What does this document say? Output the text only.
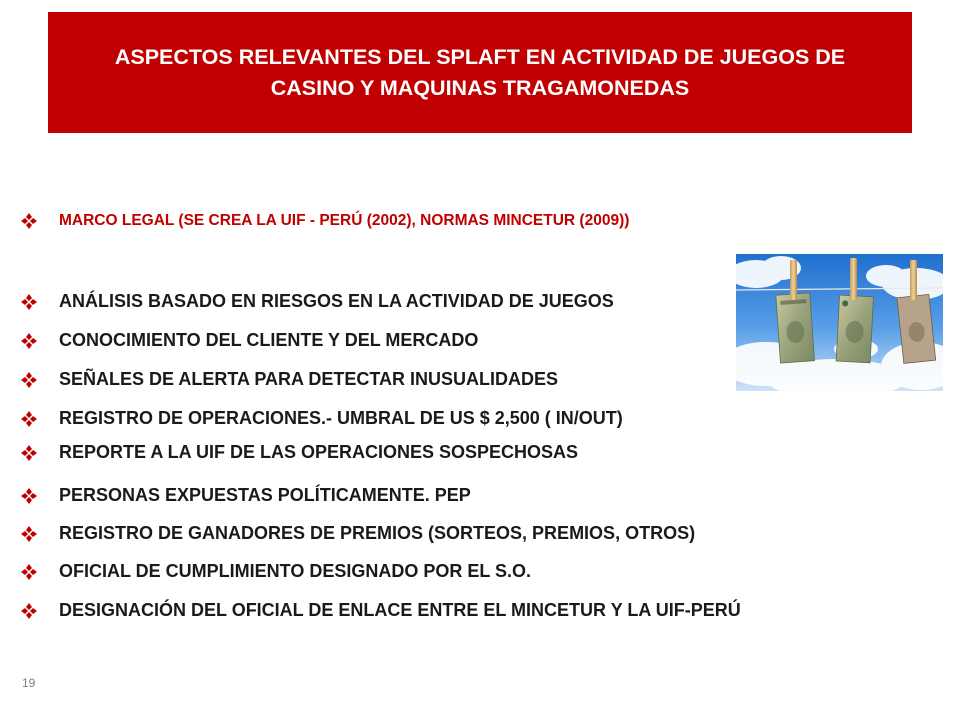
ASPECTOS RELEVANTES DEL SPLAFT EN ACTIVIDAD DE JUEGOS DE CASINO Y MAQUINAS TRAGAMONEDAS
MARCO LEGAL (SE CREA LA UIF - PERÚ (2002), NORMAS MINCETUR (2009))
ANÁLISIS BASADO EN RIESGOS EN LA ACTIVIDAD DE JUEGOS
CONOCIMIENTO DEL CLIENTE Y DEL MERCADO
SEÑALES DE ALERTA PARA DETECTAR INUSUALIDADES
REGISTRO DE OPERACIONES.- UMBRAL DE US $ 2,500 ( IN/OUT)
REPORTE A LA UIF DE LAS OPERACIONES SOSPECHOSAS
PERSONAS EXPUESTAS POLÍTICAMENTE. PEP
REGISTRO DE GANADORES DE PREMIOS (SORTEOS, PREMIOS, OTROS)
OFICIAL DE CUMPLIMIENTO DESIGNADO POR EL S.O.
DESIGNACIÓN DEL OFICIAL DE ENLACE ENTRE EL MINCETUR Y LA UIF-PERÚ
19
